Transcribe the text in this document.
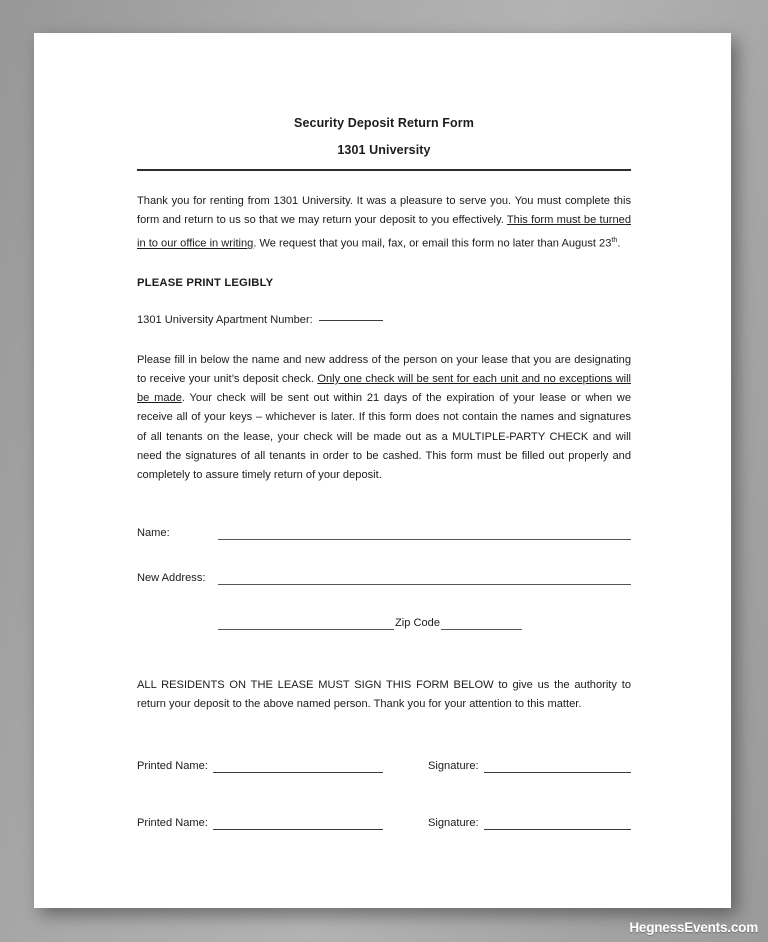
Security Deposit Return Form
1301 University

Thank you for renting from 1301 University. It was a pleasure to serve you. You must complete this form and return to us so that we may return your deposit to you effectively. This form must be turned in to our office in writing. We request that you mail, fax, or email this form no later than August 23th.

PLEASE PRINT LEGIBLY

1301 University Apartment Number:

Please fill in below the name and new address of the person on your lease that you are designating to receive your unit’s deposit check. Only one check will be sent for each unit and no exceptions will be made. Your check will be sent out within 21 days of the expiration of your lease or when we receive all of your keys – whichever is later. If this form does not contain the names and signatures of all tenants on the lease, your check will be made out as a MULTIPLE-PARTY CHECK and will need the signatures of all tenants in order to be cashed. This form must be filled out properly and completely to assure timely return of your deposit.

Name:
New Address:
Zip Code

ALL RESIDENTS ON THE LEASE MUST SIGN THIS FORM BELOW to give us the authority to return your deposit to the above named person. Thank you for your attention to this matter.

Printed Name:	Signature:
Printed Name:	Signature:
HegnessEvents.com
